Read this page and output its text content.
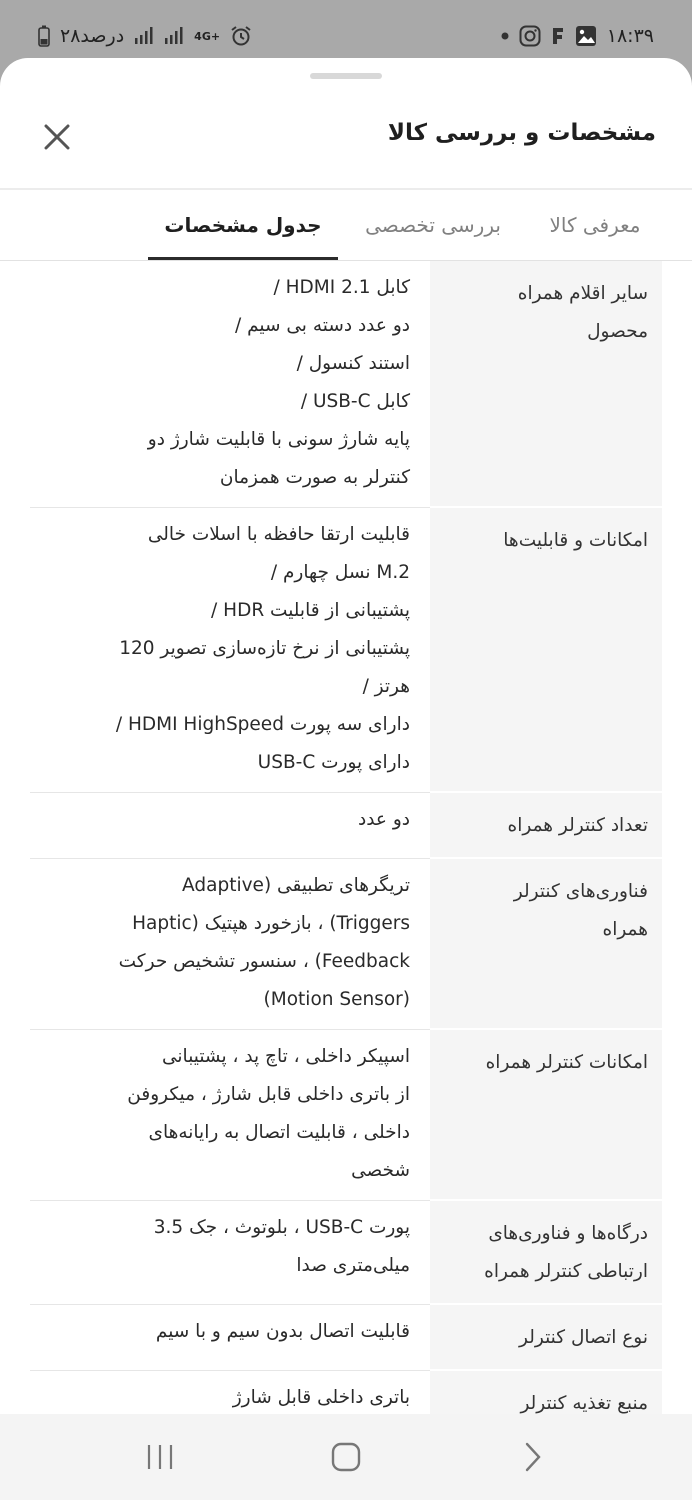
۲۸درصد	4G+	۱۸:۳۹
مشخصات و بررسی کالا
معرفی کالا
بررسی تخصصی
جدول مشخصات
سایر اقلام همراه
محصول
کابل HDMI 2.1 /
دو عدد دسته بی سیم /
استند کنسول /
کابل USB-C /
پایه شارژ سونی با قابلیت شارژ دو
کنترلر به صورت همزمان
امکانات و قابلیت‌ها
قابلیت ارتقا حافظه با اسلات خالی
M.2 نسل چهارم /
پشتیبانی از قابلیت HDR /
پشتیبانی از نرخ تازه‌سازی تصویر 120
هرتز /
دارای سه پورت HDMI HighSpeed /
دارای پورت USB-C
تعداد کنترلر همراه
دو عدد
فناوری‌های کنترلر
همراه
تریگرهای تطبیقی (Adaptive
Triggers) ، بازخورد هپتیک (Haptic
Feedback) ، سنسور تشخیص حرکت
(Motion Sensor)
امکانات کنترلر همراه
اسپیکر داخلی ، تاچ پد ، پشتیبانی
از باتری داخلی قابل شارژ ، میکروفن
داخلی ، قابلیت اتصال به رایانه‌های
شخصی
درگاه‌ها و فناوری‌های
ارتباطی کنترلر همراه
پورت USB-C ، بلوتوث ، جک 3.5
میلی‌متری صدا
نوع اتصال کنترلر
قابلیت اتصال بدون سیم و با سیم
منبع تغذیه کنترلر
باتری داخلی قابل شارژ
